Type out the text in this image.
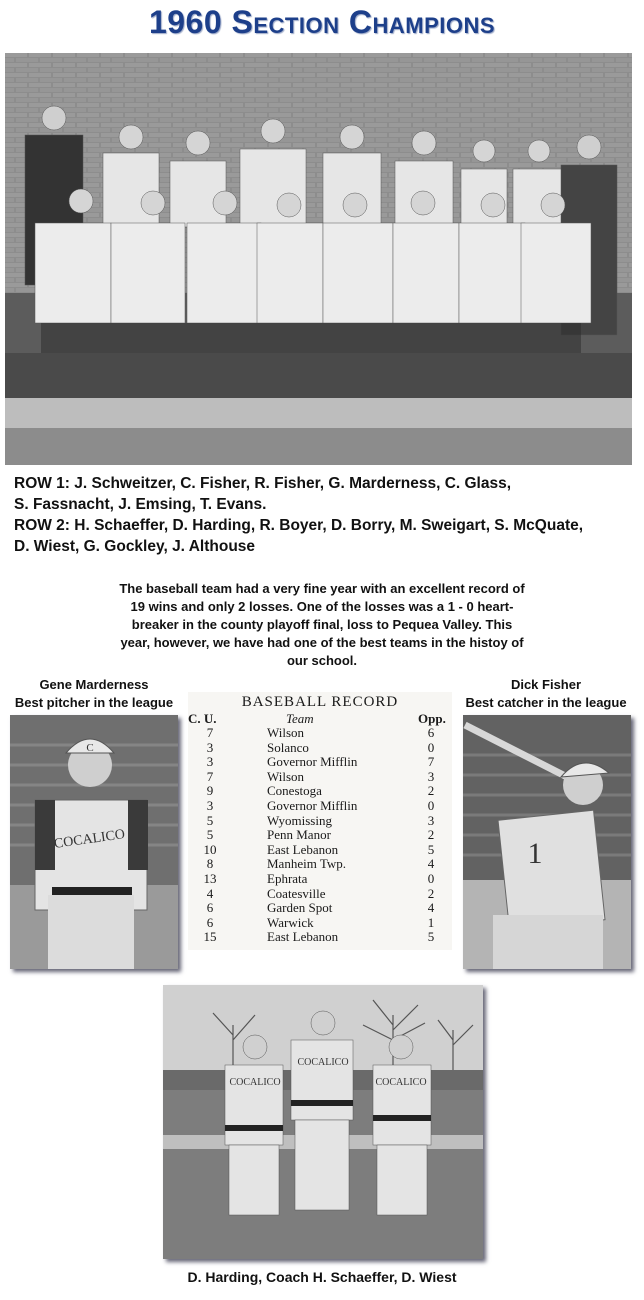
1960 Section Champions
ROW 1: J. Schweitzer, C. Fisher, R. Fisher, G. Marderness, C. Glass,
S. Fassnacht, J. Emsing, T. Evans.
ROW 2: H. Schaeffer, D. Harding, R. Boyer, D. Borry, M. Sweigart, S. McQuate,
D. Wiest, G. Gockley, J. Althouse
The baseball team had a very fine year with an excellent record of
19 wins and only 2 losses. One of the losses was a 1 - 0 heart-
breaker in the county playoff final, loss to Pequea Valley. This
year, however, we have had one of the best teams in the histoy of
our school.
Gene Marderness
Best pitcher in the league
Dick Fisher
Best catcher in the league
C
COCALICO	1
BASEBALL RECORD
C. U.	Team	Opp.
7	Wilson	6
3	Solanco	0
3	Governor Mifflin	7
7	Wilson	3
9	Conestoga	2
3	Governor Mifflin	0
5	Wyomissing	3
5	Penn Manor	2
10	East Lebanon	5
8	Manheim Twp.	4
13	Ephrata	0
4	Coatesville	2
6	Garden Spot	4
6	Warwick	1
15	East Lebanon	5
COCALICO
COCALICO
COCALICO
D. Harding, Coach H. Schaeffer, D. Wiest
